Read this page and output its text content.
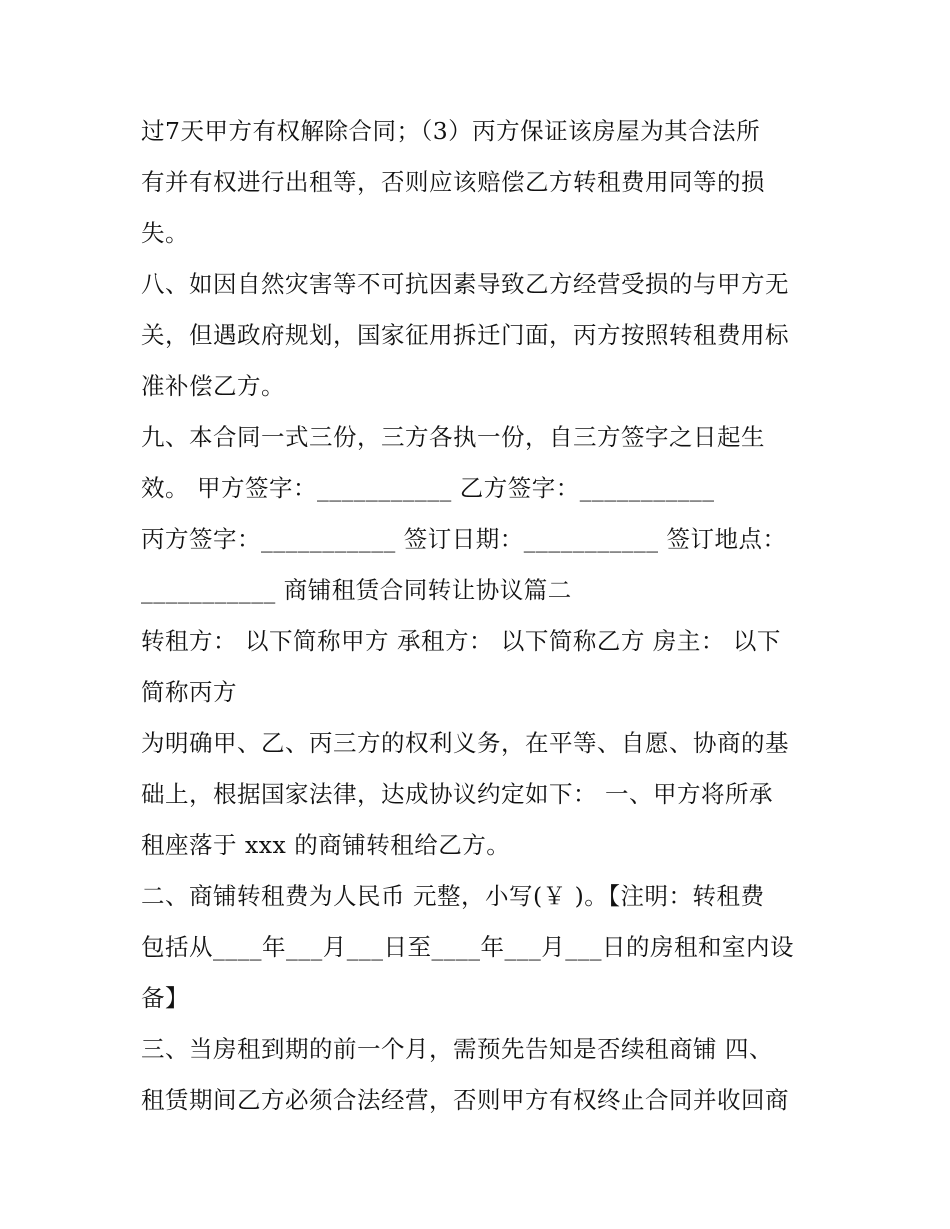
过7天甲方有权解除合同；（3）丙方保证该房屋为其合法所
有并有权进行出租等，否则应该赔偿乙方转租费用同等的损
失。
八、如因自然灾害等不可抗因素导致乙方经营受损的与甲方无
关，但遇政府规划，国家征用拆迁门面，丙方按照转租费用标
准补偿乙方。
九、本合同一式三份，三方各执一份，自三方签字之日起生
效。 甲方签字：___________ 乙方签字：___________
丙方签字：___________ 签订日期：___________ 签订地点：
___________ 商铺租赁合同转让协议篇二
转租方： 以下简称甲方 承租方： 以下简称乙方 房主： 以下
简称丙方
为明确甲、乙、丙三方的权利义务，在平等、自愿、协商的基
础上，根据国家法律，达成协议约定如下： 一、甲方将所承
租座落于 xxx 的商铺转租给乙方。
二、商铺转租费为人民币 元整，小写(￥ )。【注明：转租费
包括从____年___月___日至____年___月___日的房租和室内设
备】
三、当房租到期的前一个月，需预先告知是否续租商铺 四、
租赁期间乙方必须合法经营，否则甲方有权终止合同并收回商
